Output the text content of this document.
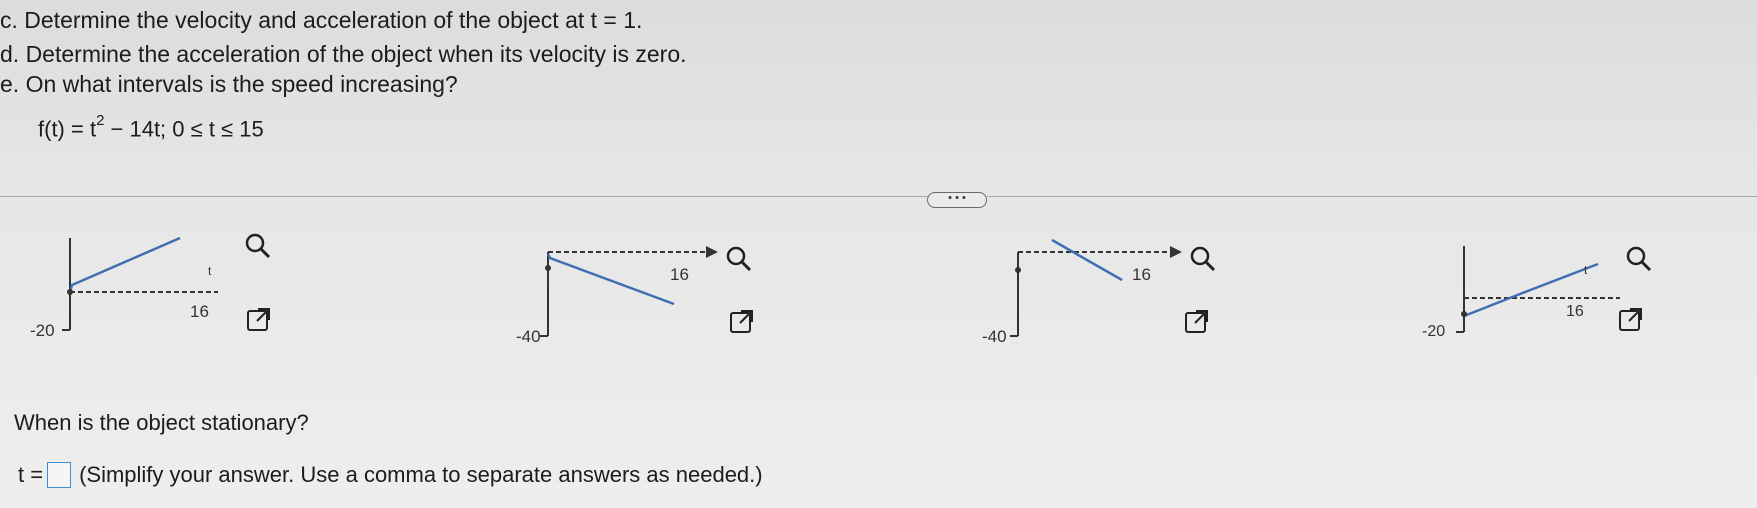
c. Determine the velocity and acceleration of the object at t = 1.
d. Determine the acceleration of the object when its velocity is zero.
e. On what intervals is the speed increasing?
$f(t) = t^2 - 14t$; 0 ≤ t ≤ 15
• • •
t
16
-20
16
-40
16
-40
t
16
-20
When is the object stationary?
t = (Simplify your answer. Use a comma to separate answers as needed.)
